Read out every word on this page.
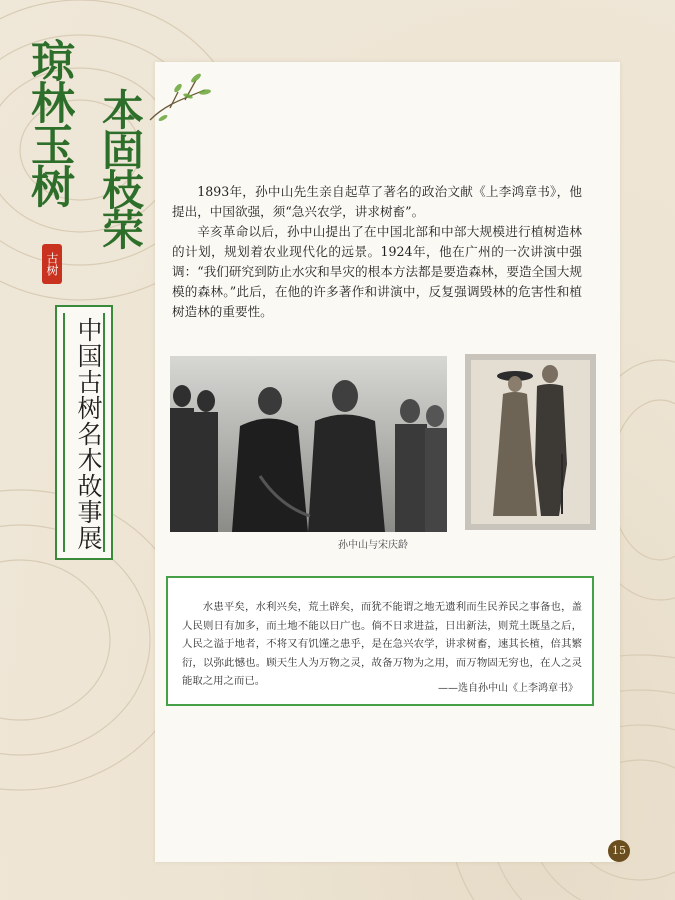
琼林玉树 本固枝荣
古树
中国古树名木故事展

1893年，孙中山先生亲自起草了著名的政治文献《上李鸿章书》，他提出，中国欲强，须“急兴农学，讲求树畜”。

辛亥革命以后，孙中山提出了在中国北部和中部大规模进行植树造林的计划，规划着农业现代化的远景。1924年，他在广州的一次讲演中强调：“我们研究到防止水灾和旱灾的根本方法都是要造森林，要造全国大规模的森林。”此后，在他的许多著作和讲演中，反复强调毁林的危害性和植树造林的重要性。

孙中山与宋庆龄

水患平矣，水利兴矣，荒土辟矣，而犹不能谓之地无遗利而生民养民之事备也，盖人民则日有加多，而土地不能以日广也。倘不日求进益，日出新法，则荒土既垦之后，人民之溢于地者，不将又有饥馑之患乎，是在急兴农学，讲求树畜，速其长植，倍其繁衍，以弥此憾也。顾天生人为万物之灵，故备万物为之用，而万物固无穷也，在人之灵能取之用之而已。

——选自孙中山《上李鸿章书》
15
